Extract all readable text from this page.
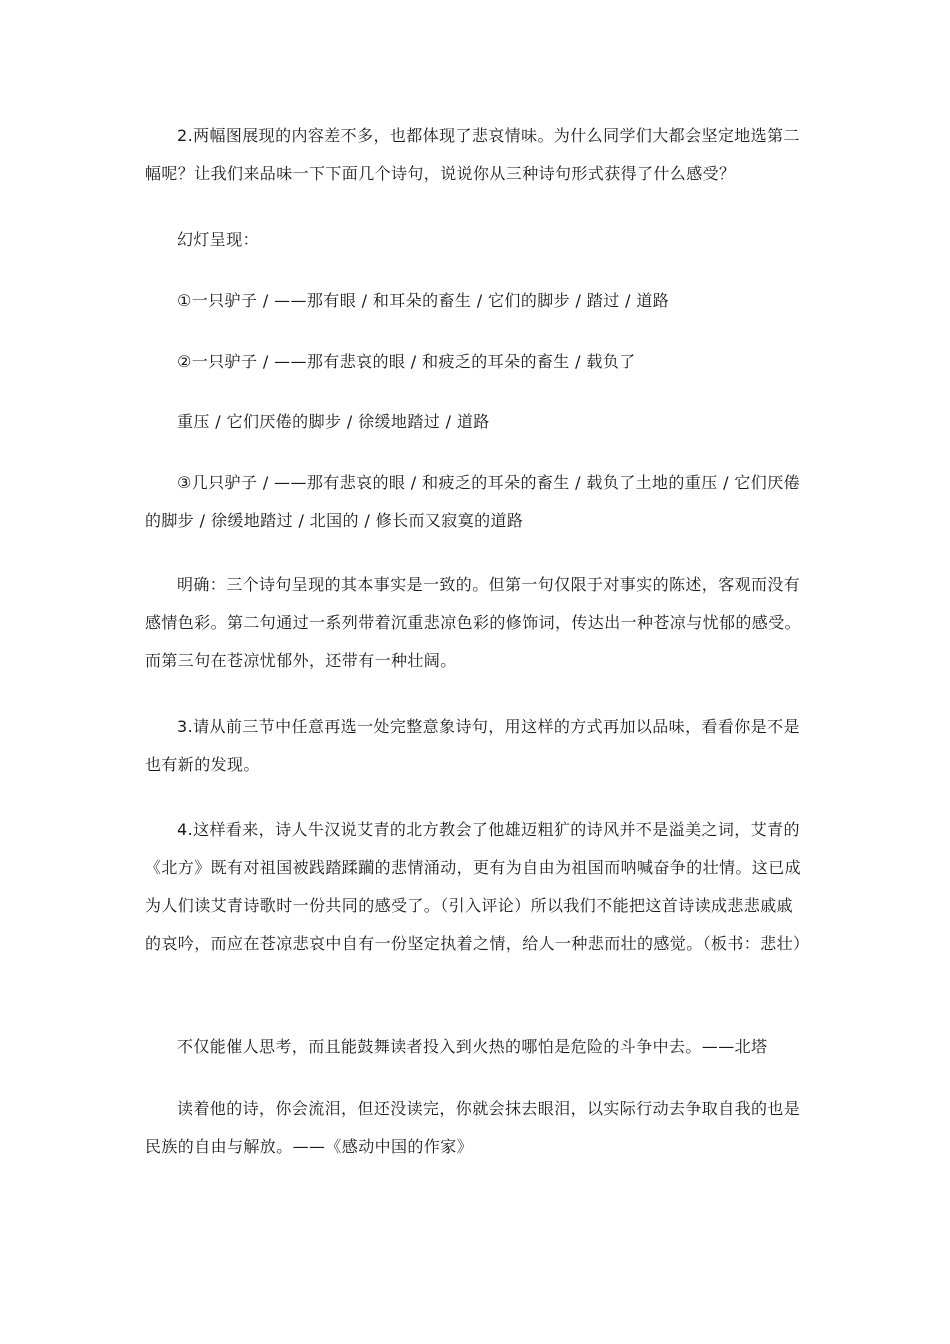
2.两幅图展现的内容差不多，也都体现了悲哀情味。为什么同学们大都会坚定地选第二幅呢？让我们来品味一下下面几个诗句，说说你从三种诗句形式获得了什么感受？

幻灯呈现：

①一只驴子 / ——那有眼 / 和耳朵的畜生 / 它们的脚步 / 踏过 / 道路

②一只驴子 / ——那有悲哀的眼 / 和疲乏的耳朵的畜生 / 载负了

重压 / 它们厌倦的脚步 / 徐缓地踏过 / 道路

③几只驴子 / ——那有悲哀的眼 / 和疲乏的耳朵的畜生 / 载负了土地的重压 / 它们厌倦的脚步 / 徐缓地踏过 / 北国的 / 修长而又寂寞的道路

明确：三个诗句呈现的其本事实是一致的。但第一句仅限于对事实的陈述，客观而没有感情色彩。第二句通过一系列带着沉重悲凉色彩的修饰词，传达出一种苍凉与忧郁的感受。而第三句在苍凉忧郁外，还带有一种壮阔。

3.请从前三节中任意再选一处完整意象诗句，用这样的方式再加以品味，看看你是不是也有新的发现。

4.这样看来，诗人牛汉说艾青的北方教会了他雄迈粗犷的诗风并不是溢美之词，艾青的《北方》既有对祖国被践踏蹂躏的悲情涌动，更有为自由为祖国而呐喊奋争的壮情。这已成为人们读艾青诗歌时一份共同的感受了。（引入评论）所以我们不能把这首诗读成悲悲戚戚的哀吟，而应在苍凉悲哀中自有一份坚定执着之情，给人一种悲而壮的感觉。（板书：悲壮）

不仅能催人思考，而且能鼓舞读者投入到火热的哪怕是危险的斗争中去。——北塔

读着他的诗，你会流泪，但还没读完，你就会抹去眼泪，以实际行动去争取自我的也是民族的自由与解放。——《感动中国的作家》
